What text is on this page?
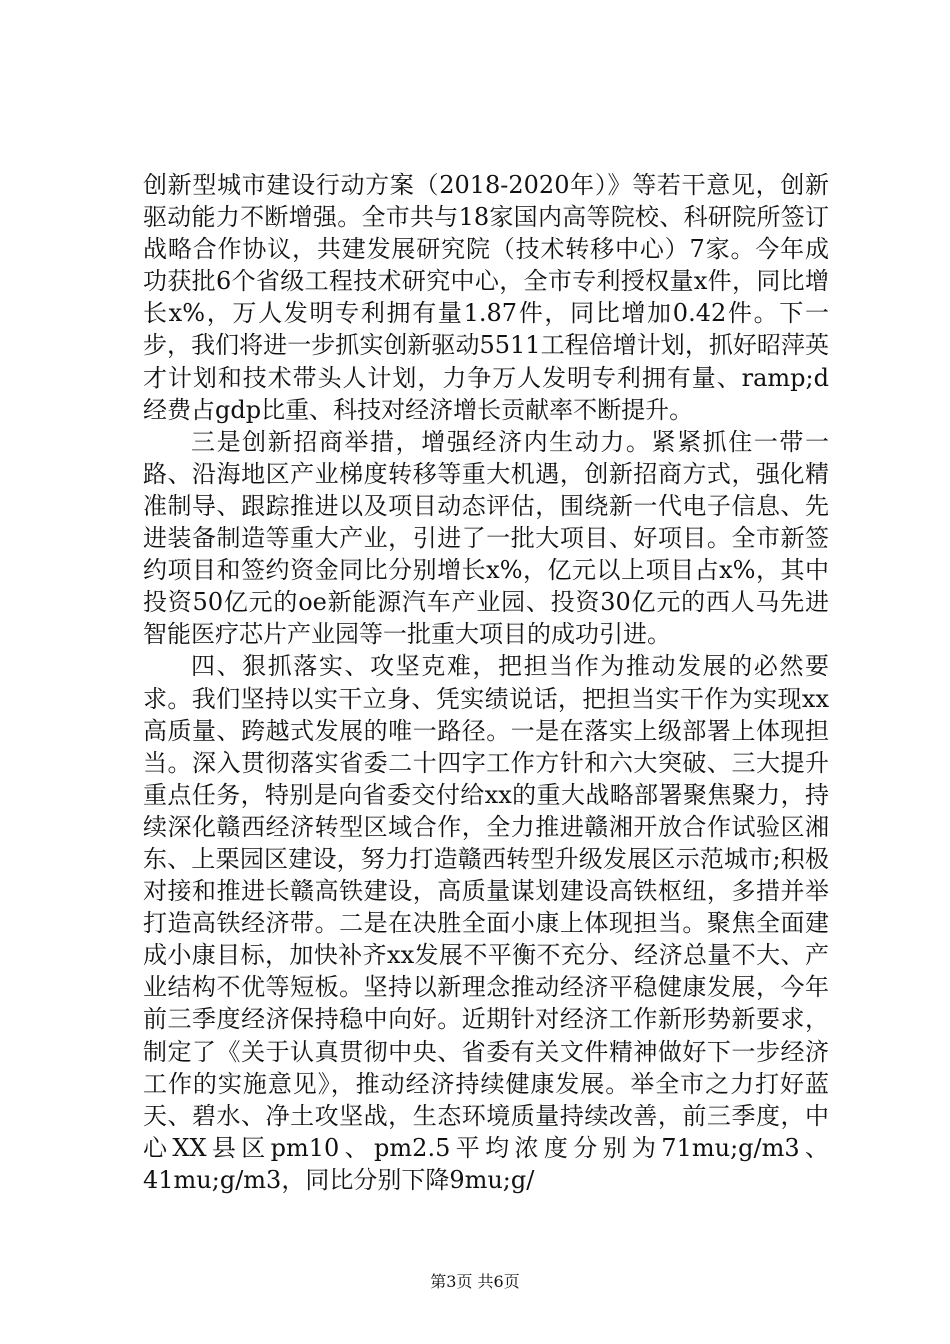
创新型城市建设行动方案（2018-2020年）》等若干意见，创新驱动能力不断增强。全市共与18家国内高等院校、科研院所签订战略合作协议，共建发展研究院（技术转移中心）7家。今年成功获批6个省级工程技术研究中心，全市专利授权量x件，同比增长x%，万人发明专利拥有量1.87件，同比增加0.42件。下一步，我们将进一步抓实创新驱动5511工程倍增计划，抓好昭萍英才计划和技术带头人计划，力争万人发明专利拥有量、ramp;d经费占gdp比重、科技对经济增长贡献率不断提升。

三是创新招商举措，增强经济内生动力。紧紧抓住一带一路、沿海地区产业梯度转移等重大机遇，创新招商方式，强化精准制导、跟踪推进以及项目动态评估，围绕新一代电子信息、先进装备制造等重大产业，引进了一批大项目、好项目。全市新签约项目和签约资金同比分别增长x%，亿元以上项目占x%，其中投资50亿元的oe新能源汽车产业园、投资30亿元的西人马先进智能医疗芯片产业园等一批重大项目的成功引进。

四、狠抓落实、攻坚克难，把担当作为推动发展的必然要求。我们坚持以实干立身、凭实绩说话，把担当实干作为实现xx高质量、跨越式发展的唯一路径。一是在落实上级部署上体现担当。深入贯彻落实省委二十四字工作方针和六大突破、三大提升重点任务，特别是向省委交付给xx的重大战略部署聚焦聚力，持续深化赣西经济转型区域合作，全力推进赣湘开放合作试验区湘东、上栗园区建设，努力打造赣西转型升级发展区示范城市;积极对接和推进长赣高铁建设，高质量谋划建设高铁枢纽，多措并举打造高铁经济带。二是在决胜全面小康上体现担当。聚焦全面建成小康目标，加快补齐xx发展不平衡不充分、经济总量不大、产业结构不优等短板。坚持以新理念推动经济平稳健康发展，今年前三季度经济保持稳中向好。近期针对经济工作新形势新要求，制定了《关于认真贯彻中央、省委有关文件精神做好下一步经济工作的实施意见》，推动经济持续健康发展。举全市之力打好蓝天、碧水、净土攻坚战，生态环境质量持续改善，前三季度，中心XX县区pm10、pm2.5平均浓度分别为71mu;g/m3、41mu;g/m3，同比分别下降9mu;g/

第3页 共6页
